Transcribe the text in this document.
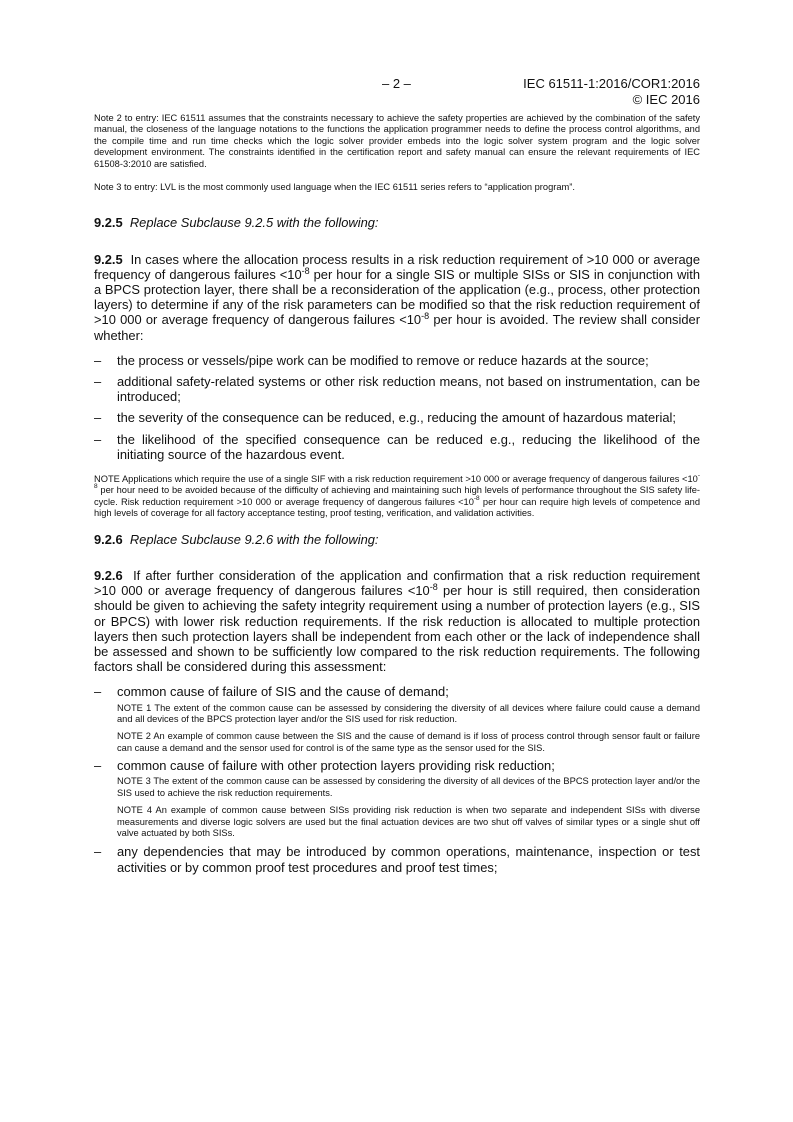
– 2 –	IEC 61511-1:2016/COR1:2016
© IEC 2016

Note 2 to entry: IEC 61511 assumes that the constraints necessary to achieve the safety properties are achieved by the combination of the safety manual, the closeness of the language notations to the functions the application programmer needs to define the process control algorithms, and the compile time and run time checks which the logic solver provider embeds into the logic solver system program and the logic solver development environment. The constraints identified in the certification report and safety manual can ensure the relevant requirements of IEC 61508-3:2010 are satisfied.

Note 3 to entry: LVL is the most commonly used language when the IEC 61511 series refers to “application program”.

9.2.5 Replace Subclause 9.2.5 with the following:

9.2.5 In cases where the allocation process results in a risk reduction requirement of >10 000 or average frequency of dangerous failures $<10^{-8}$ per hour for a single SIS or multiple SISs or SIS in conjunction with a BPCS protection layer, there shall be a reconsideration of the application (e.g., process, other protection layers) to determine if any of the risk parameters can be modified so that the risk reduction requirement of >10 000 or average frequency of dangerous failures $<10^{-8}$ per hour is avoided. The review shall consider whether:

– the process or vessels/pipe work can be modified to remove or reduce hazards at the source;
– additional safety-related systems or other risk reduction means, not based on instrumentation, can be introduced;
– the severity of the consequence can be reduced, e.g., reducing the amount of hazardous material;
– the likelihood of the specified consequence can be reduced e.g., reducing the likelihood of the initiating source of the hazardous event.

NOTE Applications which require the use of a single SIF with a risk reduction requirement >10 000 or average frequency of dangerous failures $<10^{-8}$ per hour need to be avoided because of the difficulty of achieving and maintaining such high levels of performance throughout the SIS safety life-cycle. Risk reduction requirement >10 000 or average frequency of dangerous failures $<10^{-8}$ per hour can require high levels of competence and high levels of coverage for all factory acceptance testing, proof testing, verification, and validation activities.

9.2.6 Replace Subclause 9.2.6 with the following:

9.2.6 If after further consideration of the application and confirmation that a risk reduction requirement >10 000 or average frequency of dangerous failures $<10^{-8}$ per hour is still required, then consideration should be given to achieving the safety integrity requirement using a number of protection layers (e.g., SIS or BPCS) with lower risk reduction requirements. If the risk reduction is allocated to multiple protection layers then such protection layers shall be independent from each other or the lack of independence shall be assessed and shown to be sufficiently low compared to the risk reduction requirements. The following factors shall be considered during this assessment:

– common cause of failure of SIS and the cause of demand;

NOTE 1 The extent of the common cause can be assessed by considering the diversity of all devices where failure could cause a demand and all devices of the BPCS protection layer and/or the SIS used for risk reduction.

NOTE 2 An example of common cause between the SIS and the cause of demand is if loss of process control through sensor fault or failure can cause a demand and the sensor used for control is of the same type as the sensor used for the SIS.

– common cause of failure with other protection layers providing risk reduction;

NOTE 3 The extent of the common cause can be assessed by considering the diversity of all devices of the BPCS protection layer and/or the SIS used to achieve the risk reduction requirements.

NOTE 4 An example of common cause between SISs providing risk reduction is when two separate and independent SISs with diverse measurements and diverse logic solvers are used but the final actuation devices are two shut off valves of similar types or a single shut off valve actuated by both SISs.

– any dependencies that may be introduced by common operations, maintenance, inspection or test activities or by common proof test procedures and proof test times;
